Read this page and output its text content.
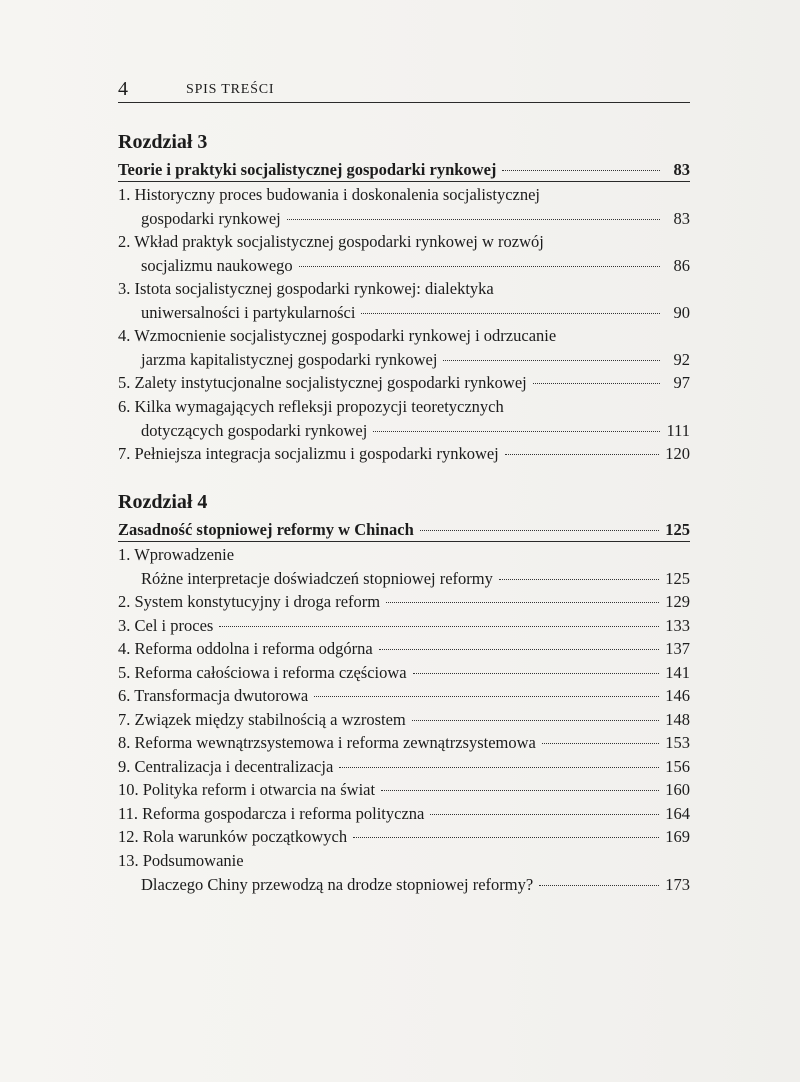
4	SPIS TREŚCI
Rozdział 3
Teorie i praktyki socjalistycznej gospodarki rynkowej	83
1. Historyczny proces budowania i doskonalenia socjalistycznej
gospodarki rynkowej	83
2. Wkład praktyk socjalistycznej gospodarki rynkowej w rozwój
socjalizmu naukowego	86
3. Istota socjalistycznej gospodarki rynkowej: dialektyka
uniwersalności i partykularności	90
4. Wzmocnienie socjalistycznej gospodarki rynkowej i odrzucanie
jarzma kapitalistycznej gospodarki rynkowej	92
5. Zalety instytucjonalne socjalistycznej gospodarki rynkowej	97
6. Kilka wymagających refleksji propozycji teoretycznych
dotyczących gospodarki rynkowej	111
7. Pełniejsza integracja socjalizmu i gospodarki rynkowej	120
Rozdział 4
Zasadność stopniowej reformy w Chinach	125
1. Wprowadzenie
Różne interpretacje doświadczeń stopniowej reformy	125
2. System konstytucyjny i droga reform	129
3. Cel i proces	133
4. Reforma oddolna i reforma odgórna	137
5. Reforma całościowa i reforma częściowa	141
6. Transformacja dwutorowa	146
7. Związek między stabilnością a wzrostem	148
8. Reforma wewnątrzsystemowa i reforma zewnątrzsystemowa	153
9. Centralizacja i decentralizacja	156
10. Polityka reform i otwarcia na świat	160
11. Reforma gospodarcza i reforma polityczna	164
12. Rola warunków początkowych	169
13. Podsumowanie
Dlaczego Chiny przewodzą na drodze stopniowej reformy?	173
